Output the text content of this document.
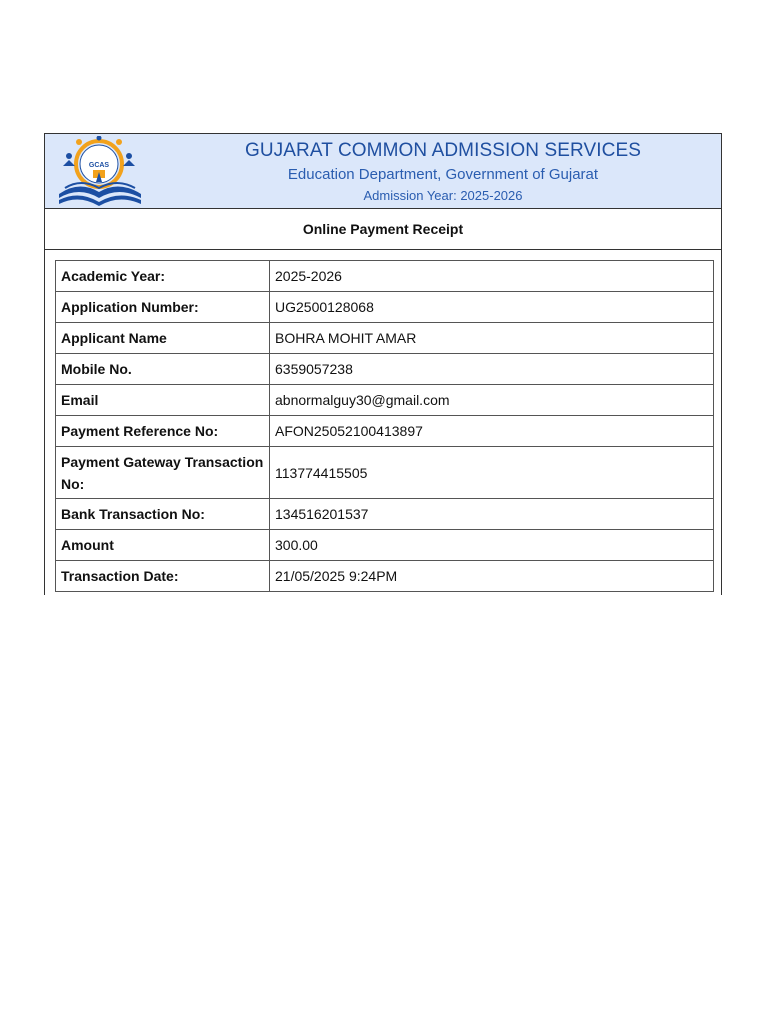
GCAS
GUJARAT COMMON ADMISSION SERVICES
Education Department, Government of Gujarat
Admission Year: 2025-2026
Online Payment Receipt
Academic Year:	2025-2026
Application Number:	UG2500128068
Applicant Name	BOHRA MOHIT AMAR
Mobile No.	6359057238
Email	abnormalguy30@gmail.com
Payment Reference No:	AFON25052100413897
Payment Gateway Transaction No:	113774415505
Bank Transaction No:	134516201537
Amount	300.00
Transaction Date:	21/05/2025 9:24PM
